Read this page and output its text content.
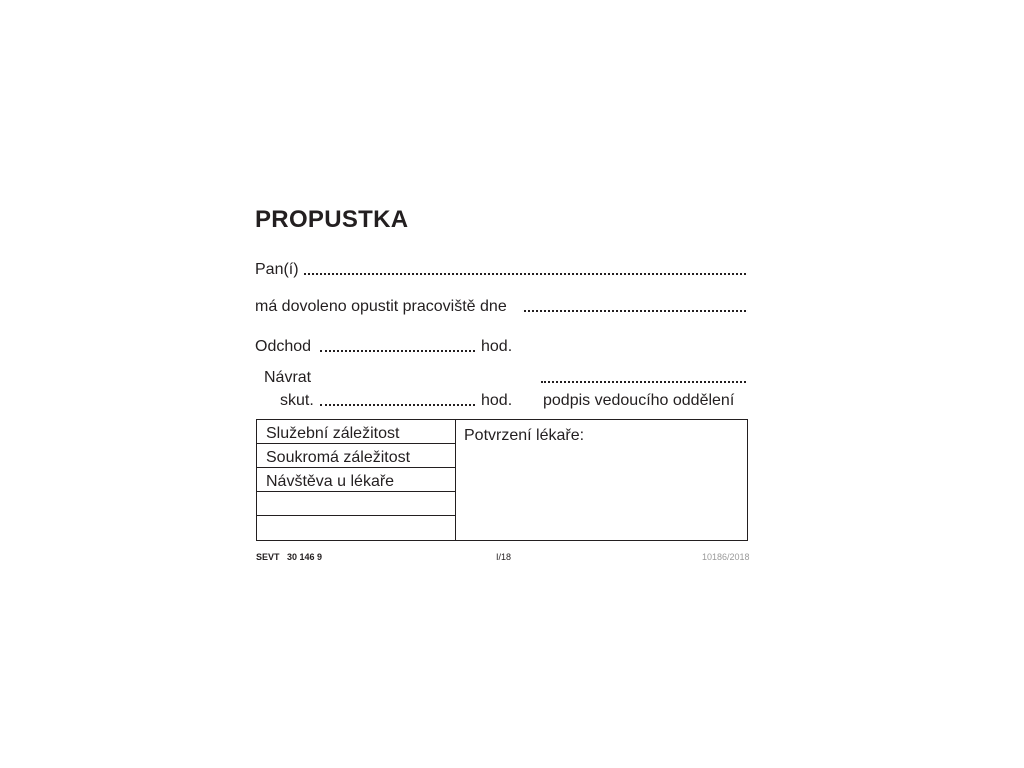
PROPUSTKA
Pan(í)
má dovoleno opustit pracoviště dne
Odchod	hod.
Návrat
skut.	hod. podpis vedoucího oddělení
Služební záležitost
Soukromá záležitost
Návštěva u lékaře
Potvrzení lékaře:
SEVT   30 146 9	I/18	10186/2018
